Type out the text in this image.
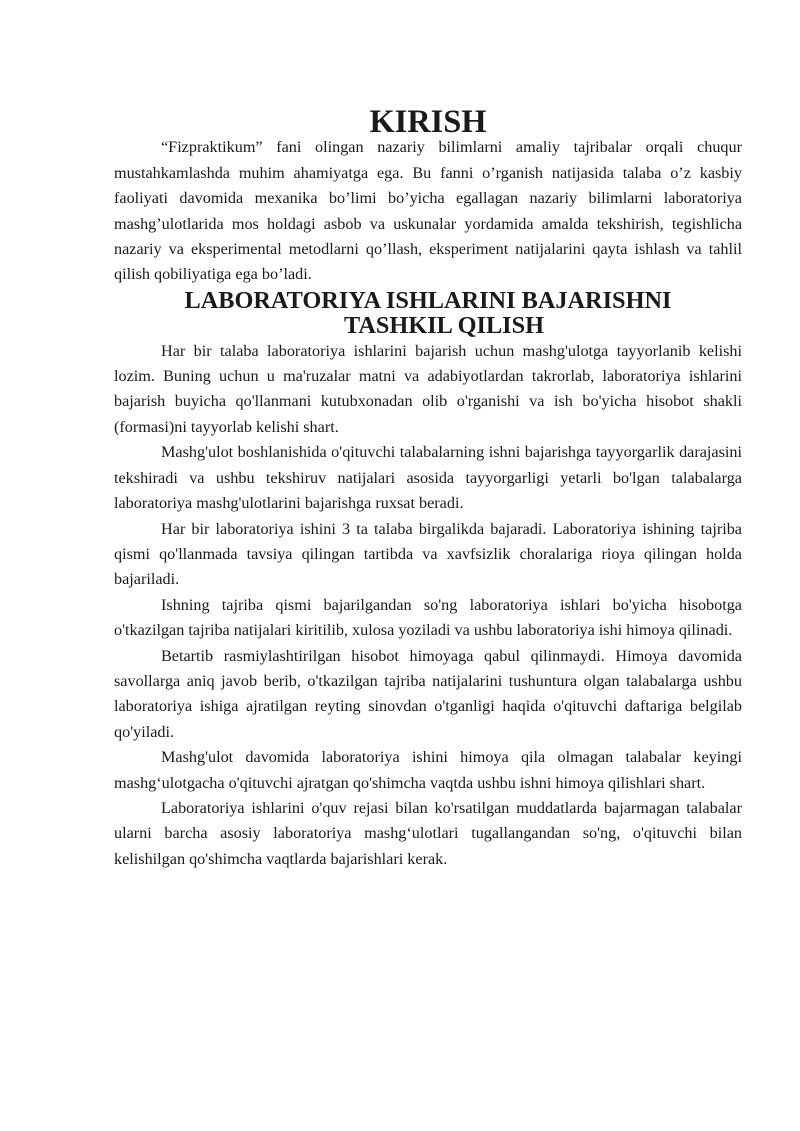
KIRISH

“Fizpraktikum” fani olingan nazariy bilimlarni amaliy tajribalar orqali chuqur mustahkamlashda muhim ahamiyatga ega. Bu fanni o’rganish natijasida talaba o’z kasbiy faoliyati davomida mexanika bo’limi bo’yicha egallagan nazariy bilimlarni laboratoriya mashg’ulotlarida mos holdagi asbob va uskunalar yordamida amalda tekshirish, tegishlicha nazariy va eksperimental metodlarni qo’llash, eksperiment natijalarini qayta ishlash va tahlil qilish qobiliyatiga ega bo’ladi.

LABORATORIYA ISHLARINI BAJARISHNI
TASHKIL QILISH

Har bir talaba laboratoriya ishlarini bajarish uchun mashg'ulotga tayyorlanib kelishi lozim. Buning uchun u ma'ruzalar matni va adabiyotlardan takrorlab, laboratoriya ishlarini bajarish buyicha qo'llanmani kutubxonadan olib o'rganishi va ish bo'yicha hisobot shakli (formasi)ni tayyorlab kelishi shart.

Mashg'ulot boshlanishida o'qituvchi talabalarning ishni bajarishga tayyorgarlik darajasini tekshiradi va ushbu tekshiruv natijalari asosida tayyorgarligi yetarli bo'lgan talabalarga laboratoriya mashg'ulotlarini bajarishga ruxsat beradi.

Har bir laboratoriya ishini 3 ta talaba birgalikda bajaradi. Laboratoriya ishining tajriba qismi qo'llanmada tavsiya qilingan tartibda va xavfsizlik choralariga rioya qilingan holda bajariladi.

Ishning tajriba qismi bajarilgandan so'ng laboratoriya ishlari bo'yicha hisobotga o'tkazilgan tajriba natijalari kiritilib, xulosa yoziladi va ushbu laboratoriya ishi himoya qilinadi.

Betartib rasmiylashtirilgan hisobot himoyaga qabul qilinmaydi. Himoya davomida savollarga aniq javob berib, o'tkazilgan tajriba natijalarini tushuntura olgan talabalarga ushbu laboratoriya ishiga ajratilgan reyting sinovdan o'tganligi haqida o'qituvchi daftariga belgilab qo'yiladi.

Mashg'ulot davomida laboratoriya ishini himoya qila olmagan talabalar keyingi mashg‘ulotgacha o'qituvchi ajratgan qo'shimcha vaqtda ushbu ishni himoya qilishlari shart.

Laboratoriya ishlarini o'quv rejasi bilan ko'rsatilgan muddatlarda bajarmagan talabalar ularni barcha asosiy laboratoriya mashg‘ulotlari tugallangandan so'ng, o'qituvchi bilan kelishilgan qo'shimcha vaqtlarda bajarishlari kerak.
